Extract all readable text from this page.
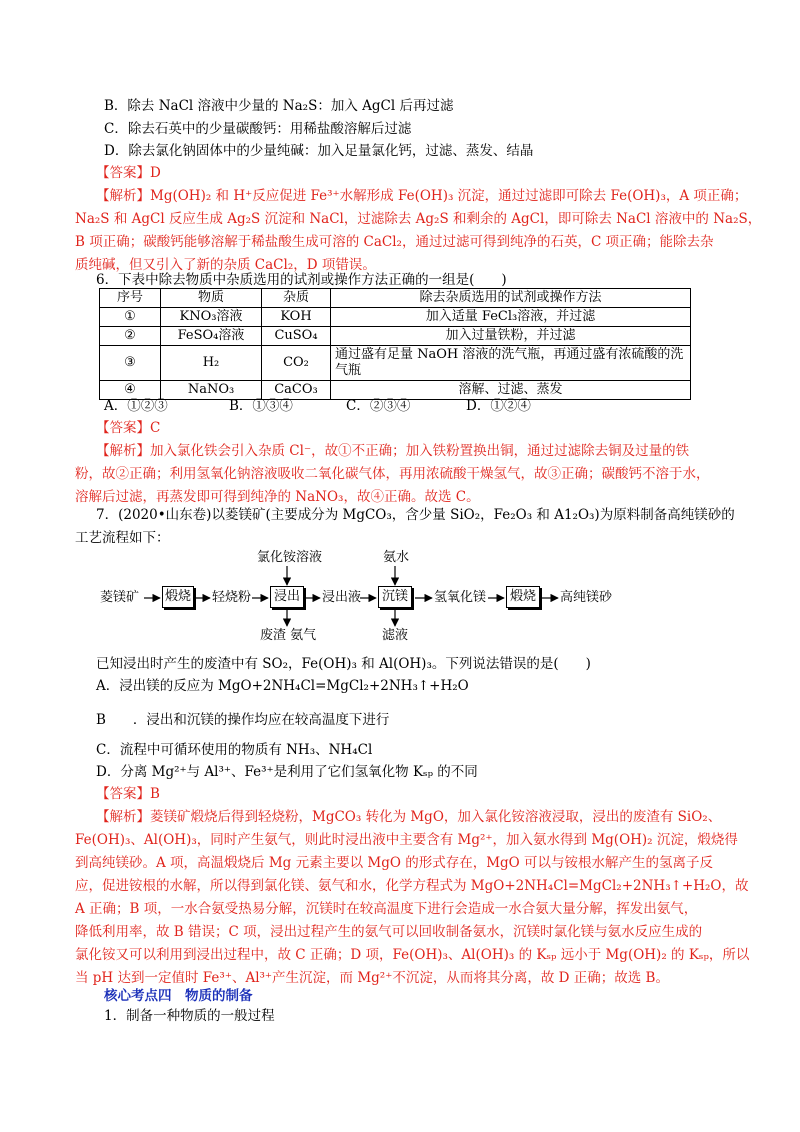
B．除去 NaCl 溶液中少量的 Na₂S：加入 AgCl 后再过滤
C．除去石英中的少量碳酸钙：用稀盐酸溶解后过滤
D．除去氯化钠固体中的少量纯碱：加入足量氯化钙，过滤、蒸发、结晶
【答案】D
【解析】Mg(OH)₂ 和 H⁺反应促进 Fe³⁺水解形成 Fe(OH)₃ 沉淀，通过过滤即可除去 Fe(OH)₃，A 项正确；
Na₂S 和 AgCl 反应生成 Ag₂S 沉淀和 NaCl，过滤除去 Ag₂S 和剩余的 AgCl，即可除去 NaCl 溶液中的 Na₂S，
B 项正确；碳酸钙能够溶解于稀盐酸生成可溶的 CaCl₂，通过过滤可得到纯净的石英，C 项正确；能除去杂
质纯碱，但又引入了新的杂质 CaCl₂，D 项错误。
6．下表中除去物质中杂质选用的试剂或操作方法正确的一组是(　　)
序号	物质	杂质	除去杂质选用的试剂或操作方法
①	KNO₃溶液	KOH	加入适量 FeCl₃溶液，并过滤
②	FeSO₄溶液	CuSO₄	加入过量铁粉，并过滤
③	H₂	CO₂	通过盛有足量 NaOH 溶液的洗气瓶，再通过盛有浓硫酸的洗气瓶
④	NaNO₃	CaCO₃	溶解、过滤、蒸发
A．①②③	B．①③④	C．②③④	D．①②④
【答案】C
【解析】加入氯化铁会引入杂质 Cl⁻，故①不正确；加入铁粉置换出铜，通过过滤除去铜及过量的铁
粉，故②正确；利用氢氧化钠溶液吸收二氧化碳气体，再用浓硫酸干燥氢气，故③正确；碳酸钙不溶于水，
溶解后过滤，再蒸发即可得到纯净的 NaNO₃，故④正确。故选 C。
7．(2020•山东卷)以菱镁矿(主要成分为 MgCO₃，含少量 SiO₂，Fe₂O₃ 和 A1₂O₃)为原料制备高纯镁砂的
工艺流程如下：
菱镁矿 煅烧 轻烧粉
氯化铵溶液
浸出
废渣 氨气
浸出液
氨水
沉镁
滤液
氢氧化镁	煅烧	高纯镁砂
已知浸出时产生的废渣中有 SO₂，Fe(OH)₃ 和 Al(OH)₃。下列说法错误的是(　　)
A．浸出镁的反应为 MgO+2NH₄Cl=MgCl₂+2NH₃↑+H₂O
B　　．浸出和沉镁的操作均应在较高温度下进行
C．流程中可循环使用的物质有 NH₃、NH₄Cl
D．分离 Mg²⁺与 Al³⁺、Fe³⁺是利用了它们氢氧化物 Kₛₚ 的不同
【答案】B
【解析】菱镁矿煅烧后得到轻烧粉，MgCO₃ 转化为 MgO，加入氯化铵溶液浸取，浸出的废渣有 SiO₂、
Fe(OH)₃、Al(OH)₃，同时产生氨气，则此时浸出液中主要含有 Mg²⁺，加入氨水得到 Mg(OH)₂ 沉淀，煅烧得
到高纯镁砂。A 项，高温煅烧后 Mg 元素主要以 MgO 的形式存在，MgO 可以与铵根水解产生的氢离子反
应，促进铵根的水解，所以得到氯化镁、氨气和水，化学方程式为 MgO+2NH₄Cl=MgCl₂+2NH₃↑+H₂O，故
A 正确；B 项，一水合氨受热易分解，沉镁时在较高温度下进行会造成一水合氨大量分解，挥发出氨气，
降低利用率，故 B 错误；C 项，浸出过程产生的氨气可以回收制备氨水，沉镁时氯化镁与氨水反应生成的
氯化铵又可以利用到浸出过程中，故 C 正确；D 项，Fe(OH)₃、Al(OH)₃ 的 Kₛₚ 远小于 Mg(OH)₂ 的 Kₛₚ，所以
当 pH 达到一定值时 Fe³⁺、Al³⁺产生沉淀，而 Mg²⁺不沉淀，从而将其分离，故 D 正确；故选 B。
核心考点四　物质的制备
1．制备一种物质的一般过程
